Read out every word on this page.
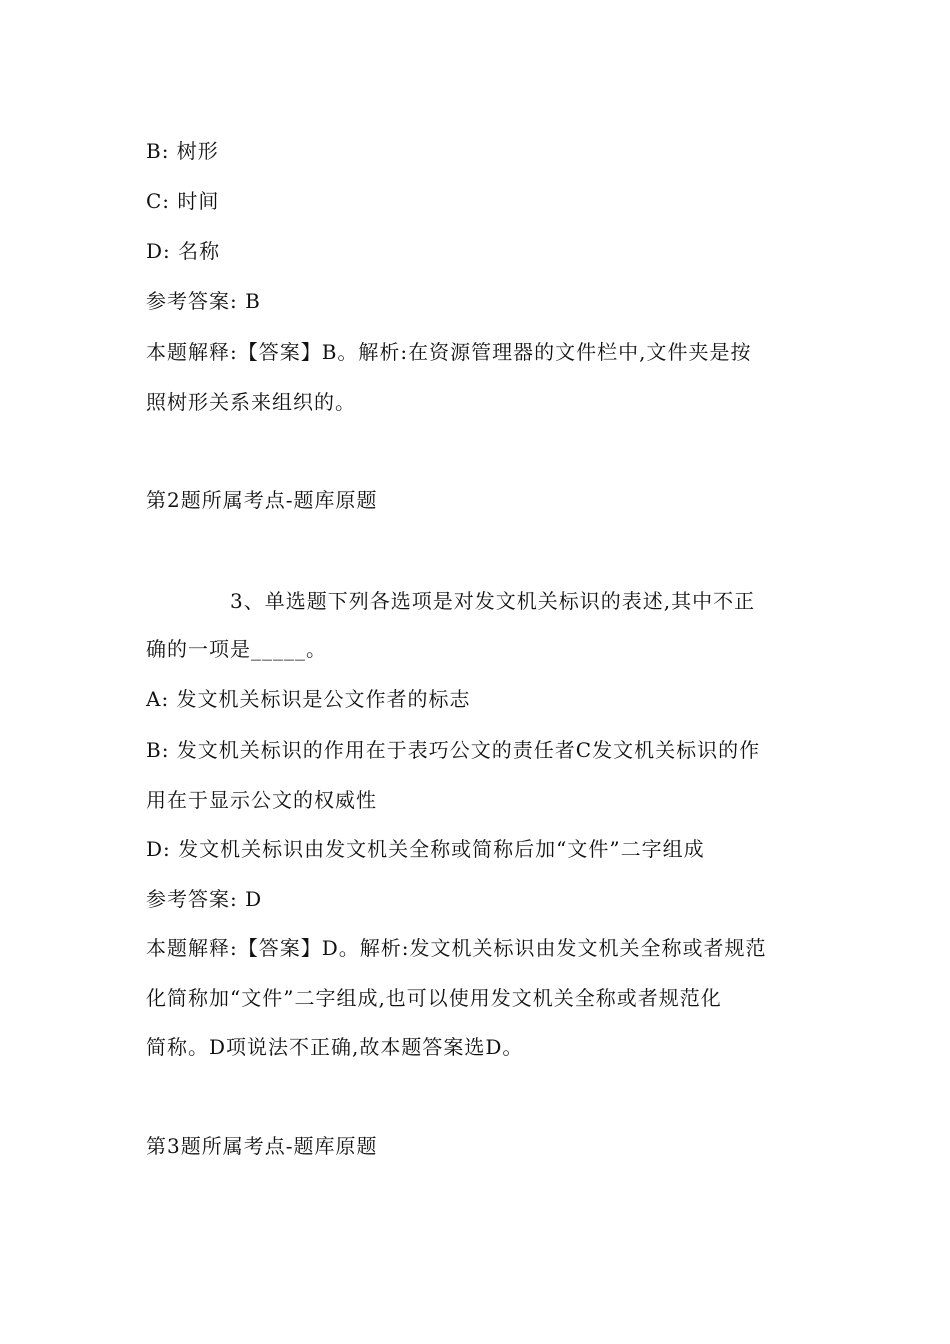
B: 树形
C: 时间
D: 名称
参考答案: B
本题解释:【答案】B。解析:在资源管理器的文件栏中,文件夹是按
照树形关系来组织的。
第2题所属考点-题库原题
3、单选题下列各选项是对发文机关标识的表述,其中不正
确的一项是_____。
A: 发文机关标识是公文作者的标志
B: 发文机关标识的作用在于表巧公文的责任者C发文机关标识的作
用在于显示公文的权威性
D: 发文机关标识由发文机关全称或简称后加“文件”二字组成
参考答案: D
本题解释:【答案】D。解析:发文机关标识由发文机关全称或者规范
化简称加“文件”二字组成,也可以使用发文机关全称或者规范化
简称。D项说法不正确,故本题答案选D。
第3题所属考点-题库原题
